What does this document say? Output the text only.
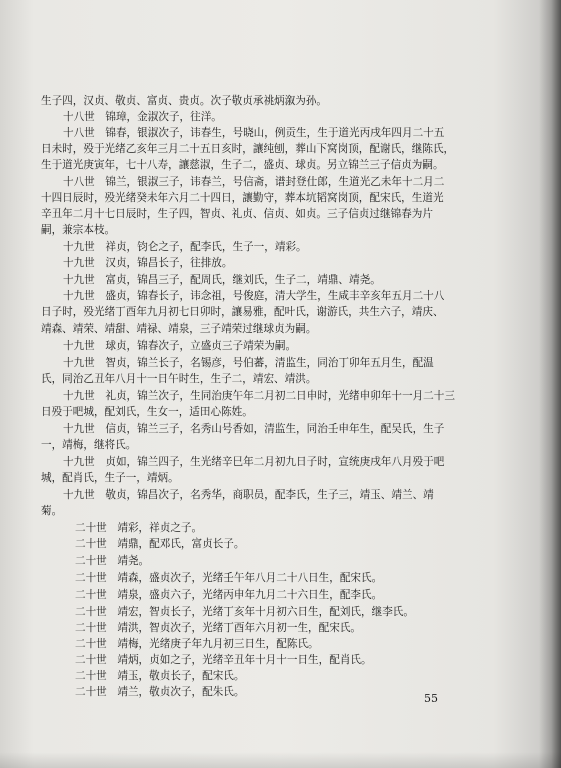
生子四，汉贞、敬贞、富贞、贵贞。次子敬贞承祧炳溆为孙。
十八世　锦璋，金淑次子，往洋。
十八世　锦春，银淑次子，讳春生，号晓山，例贡生，生于道光丙戌年四月二十五
日未时，殁于光绪乙亥年三月二十五日亥时，讓纯刨，葬山下窝岗顶，配谢氏，继陈氏，
生于道光庚寅年，七十八寿，讓慈淑，生子二，盛贞、球贞。另立锦兰三子信贞为嗣。
十八世　锦兰，银淑三子，讳春兰，号信斋，谱封登仕郎，生道光乙未年十二月二
十四日辰时，殁光绪癸未年六月二十四日，讓勤守，葬本坑韬窝岗顶，配宋氏，生道光
辛丑年二月十七日辰时，生子四，智贞、礼贞、信贞、如贞。三子信贞过继锦春为片
嗣，兼宗本枝。
十九世　祥贞，钧仑之子，配李氏，生子一，靖彩。
十九世　汉贞，锦昌长子，往排放。
十九世　富贞，锦昌三子，配周氏，继刘氏，生子二，靖鼎、靖尧。
十九世　盛贞，锦春长子，讳念祖，号俊庭，清大学生，生咸丰辛亥年五月二十八
日子时，殁光绪丁酉年九月初七日卯时，讓易雅，配叶氏，谢游氏，共生六子，靖庆、
靖森、靖荣、靖甜、靖禄、靖泉，三子靖荣过继球贞为嗣。
十九世　球贞，锦春次子，立盛贞三子靖荣为嗣。
十九世　智贞，锦兰长子，名锡彦，号伯蕃，清监生，同治丁卯年五月生，配温
氏，同治乙丑年八月十一日午时生，生子二，靖宏、靖洪。
十九世　礼贞，锦兰次子，生同治庚午年二月初二日申时，光绪申卯年十一月二十三
日殁于吧城，配刘氏，生女一，适田心陈姓。
十九世　信贞，锦兰三子，名秀山号香如，清监生，同治壬申年生，配吴氏，生子
一，靖梅，继将氏。
十九世　贞如，锦兰四子，生光绪辛巳年二月初九日子时，宣统庚戌年八月殁于吧
城，配肖氏，生子一，靖炳。
十九世　敬贞，锦昌次子，名秀华，商职员，配李氏，生子三，靖玉、靖兰、靖
菊。
二十世　靖彩，祥贞之子。
二十世　靖鼎，配邓氏，富贞长子。
二十世　靖尧。
二十世　靖森，盛贞次子，光绪壬午年八月二十八日生，配宋氏。
二十世　靖泉，盛贞六子，光绪丙申年九月二十六日生，配李氏。
二十世　靖宏，智贞长子，光绪丁亥年十月初六日生，配刘氏，继李氏。
二十世　靖洪，智贞次子，光绪丁酉年六月初一生，配宋氏。
二十世　靖梅，光绪庚子年九月初三日生，配陈氏。
二十世　靖炳，贞如之子，光绪辛丑年十月十一日生，配肖氏。
二十世　靖玉，敬贞长子，配宋氏。
二十世　靖兰，敬贞次子，配朱氏。	55
